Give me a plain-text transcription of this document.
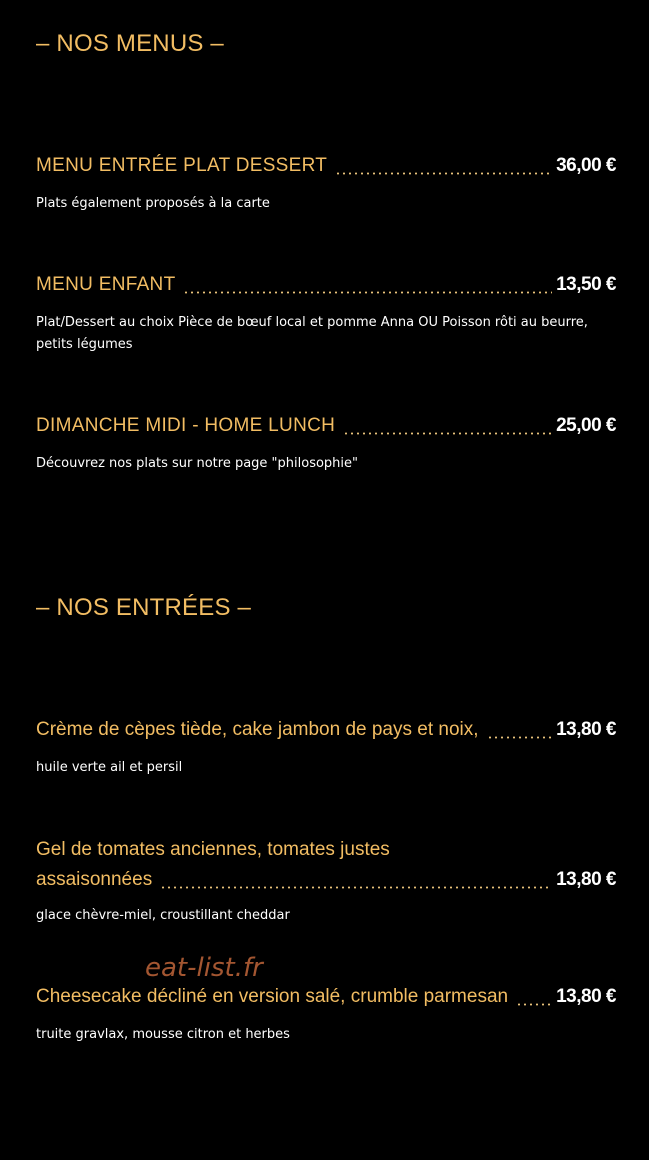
– NOS MENUS –
MENU ENTRÉE PLAT DESSERT	36,00 €
Plats également proposés à la carte
MENU ENFANT	13,50 €
Plat/Dessert au choix Pièce de bœuf local et pomme Anna OU Poisson rôti au beurre, petits légumes
DIMANCHE MIDI - HOME LUNCH	25,00 €
Découvrez nos plats sur notre page "philosophie"
– NOS ENTRÉES –
Crème de cèpes tiède, cake jambon de pays et noix,	13,80 €
huile verte ail et persil
Gel de tomates anciennes, tomates justes
assaisonnées	13,80 €
glace chèvre-miel, croustillant cheddar
Cheesecake décliné en version salé, crumble parmesan	13,80 €
truite gravlax, mousse citron et herbes
eat-list.fr
